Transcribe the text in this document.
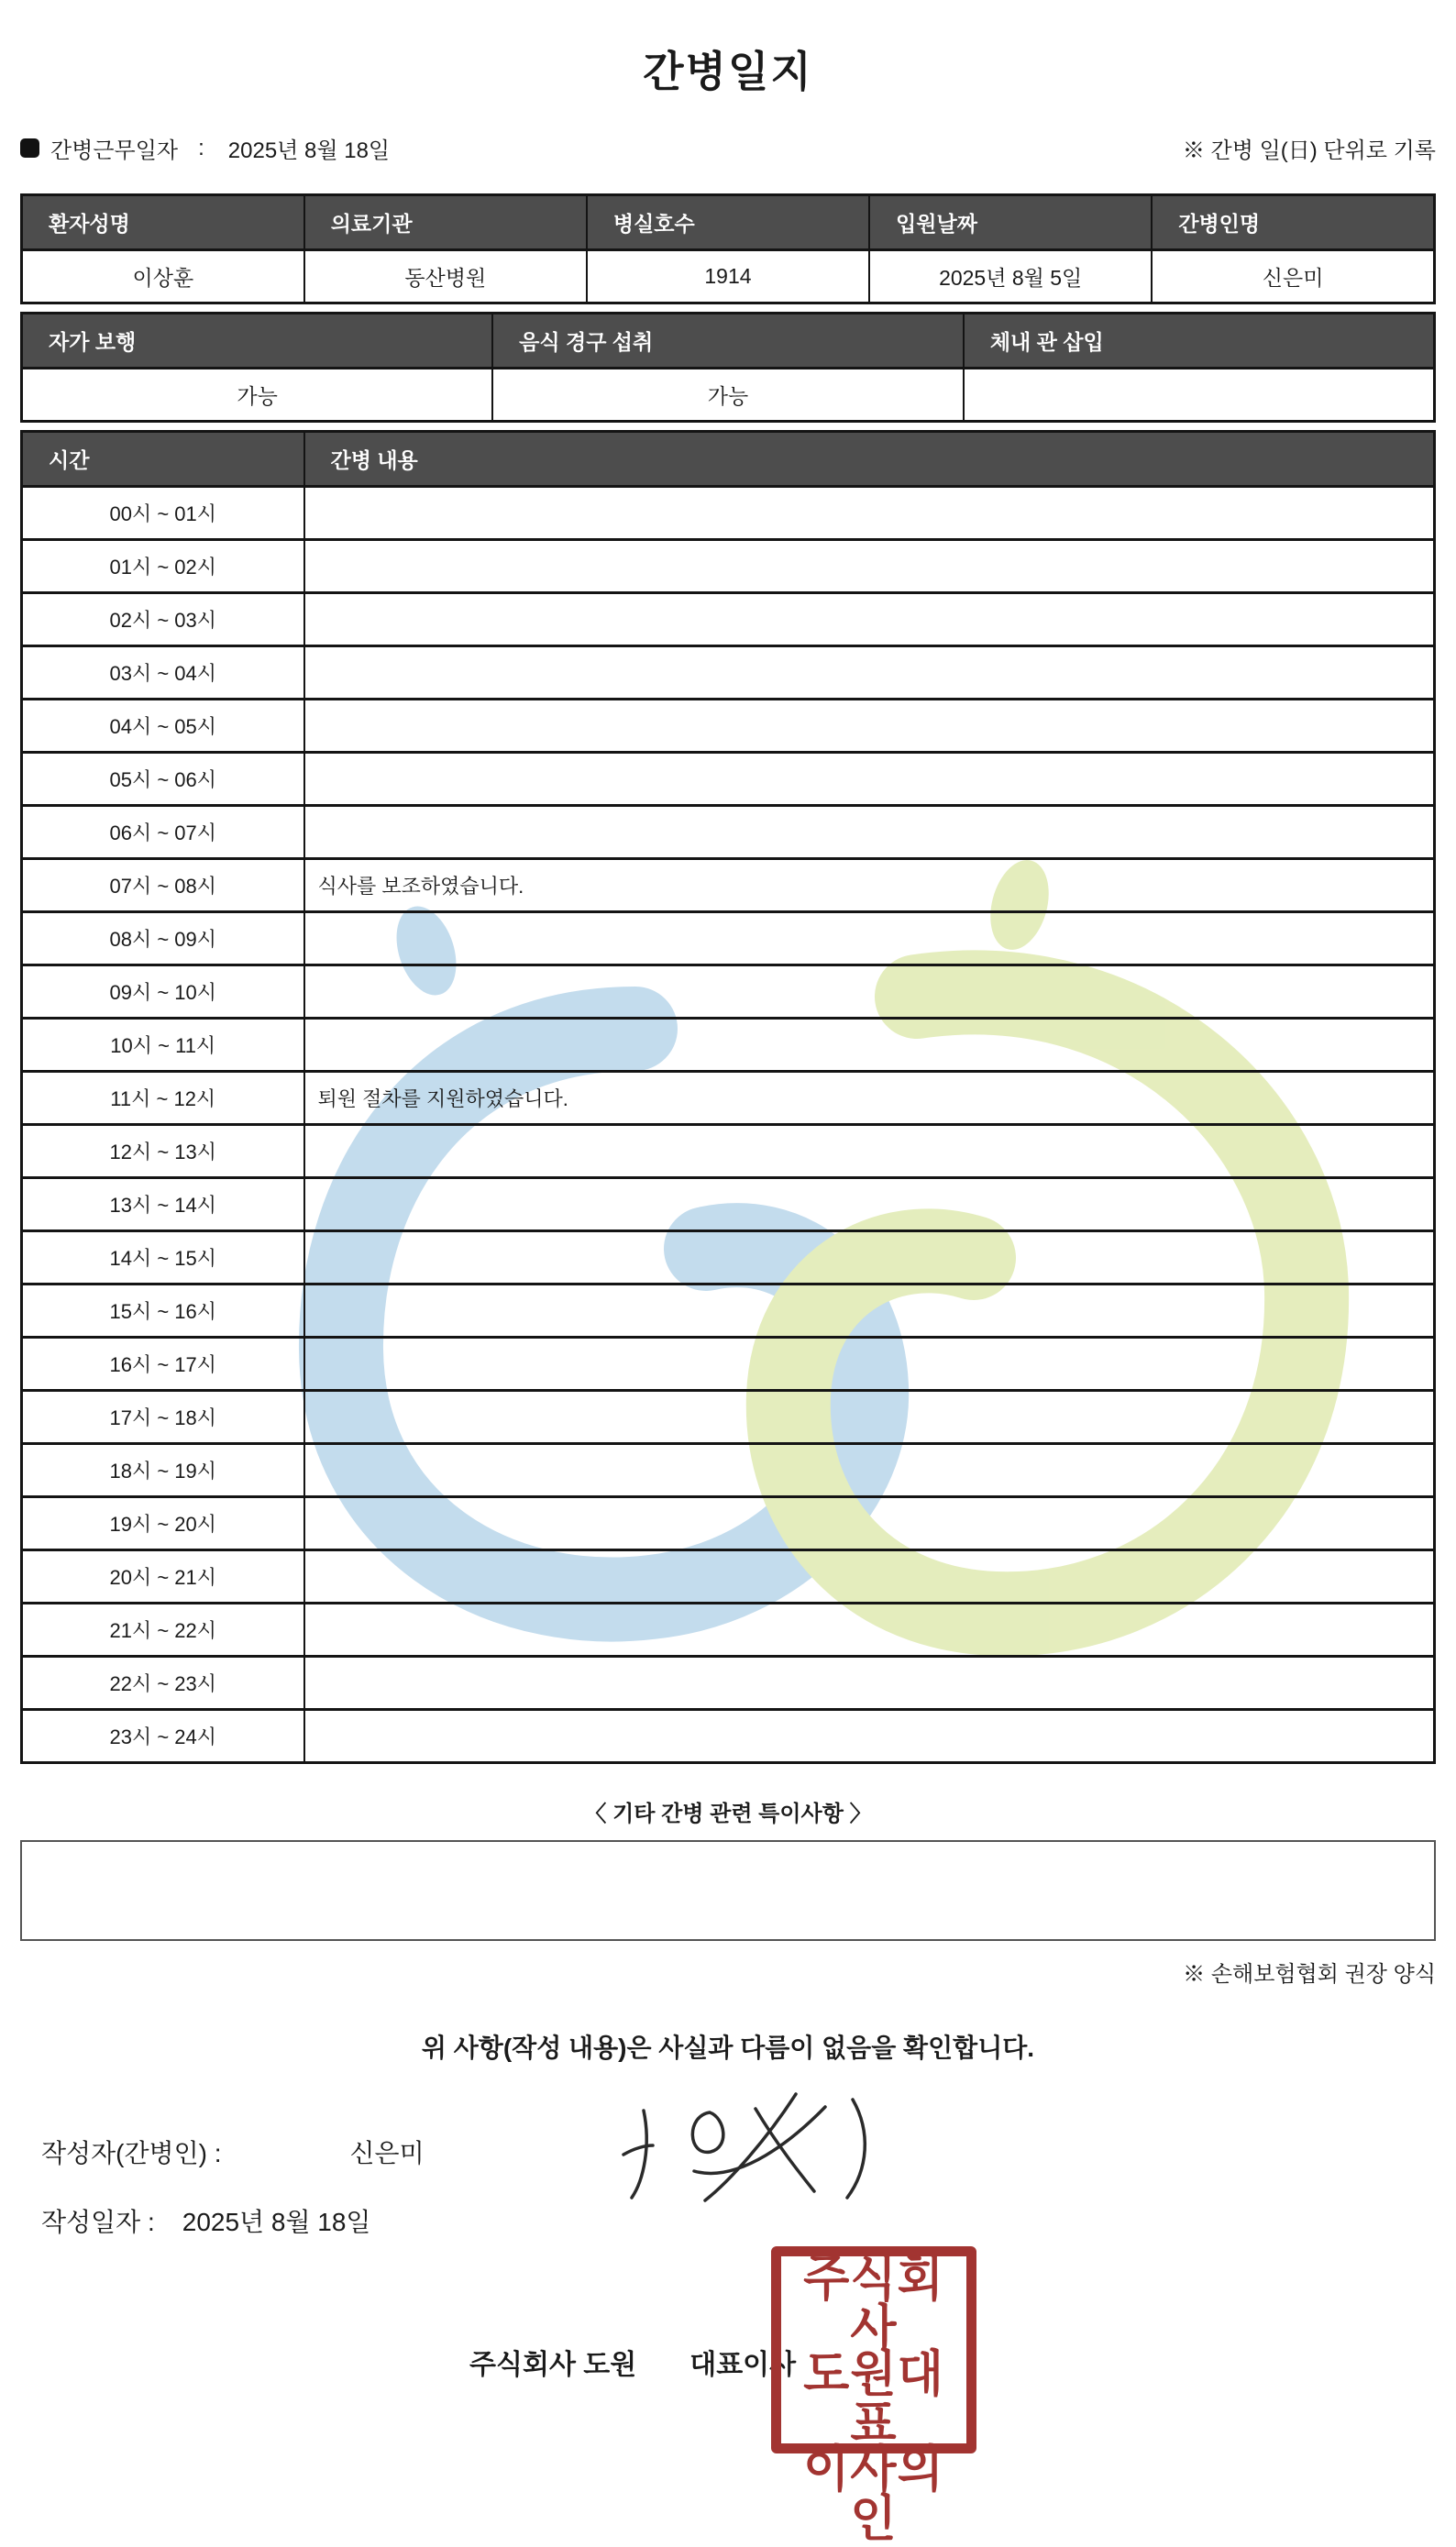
간병일지
간병근무일자 : 2025년 8월 18일	※ 간병 일(日) 단위로 기록
환자성명	의료기관	병실호수	입원날짜	간병인명
이상훈	동산병원	1914	2025년 8월 5일	신은미
자가 보행	음식 경구 섭취	체내 관 삽입
가능	가능	
시간	간병 내용
00시 ~ 01시	
01시 ~ 02시	
02시 ~ 03시	
03시 ~ 04시	
04시 ~ 05시	
05시 ~ 06시	
06시 ~ 07시	
07시 ~ 08시	식사를 보조하였습니다.
08시 ~ 09시	
09시 ~ 10시	
10시 ~ 11시	
11시 ~ 12시	퇴원 절차를 지원하였습니다.
12시 ~ 13시	
13시 ~ 14시	
14시 ~ 15시	
15시 ~ 16시	
16시 ~ 17시	
17시 ~ 18시	
18시 ~ 19시	
19시 ~ 20시	
20시 ~ 21시	
21시 ~ 22시	
22시 ~ 23시	
23시 ~ 24시	
〈 기타 간병 관련 특이사항 〉
※ 손해보험협회 권장 양식
위 사항(작성 내용)은 사실과 다름이 없음을 확인합니다.
작성자(간병인) :	신은미
작성일자 : 2025년 8월 18일
주식회사 도원 대표이사
주식회사
도원대표
이사의인
